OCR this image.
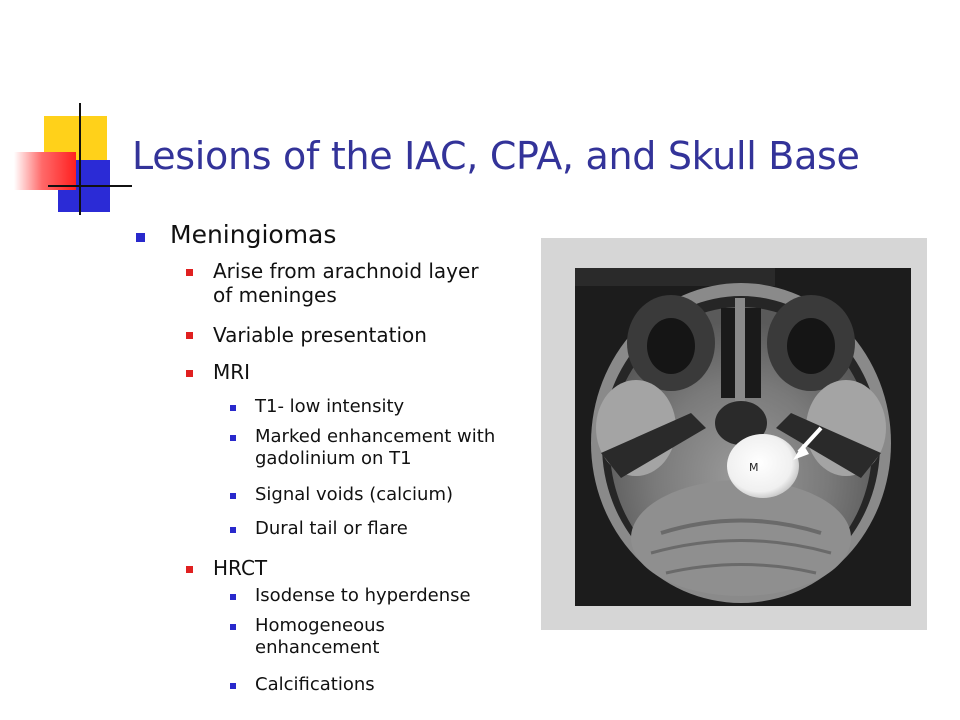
Lesions of the IAC, CPA, and Skull Base
Meningiomas
Arise from arachnoid layer of meninges
Variable presentation
MRI
T1- low intensity
Marked enhancement with gadolinium on T1
Signal voids (calcium)
Dural tail or flare
HRCT
Isodense to hyperdense
Homogeneous enhancement
Calcifications
M
